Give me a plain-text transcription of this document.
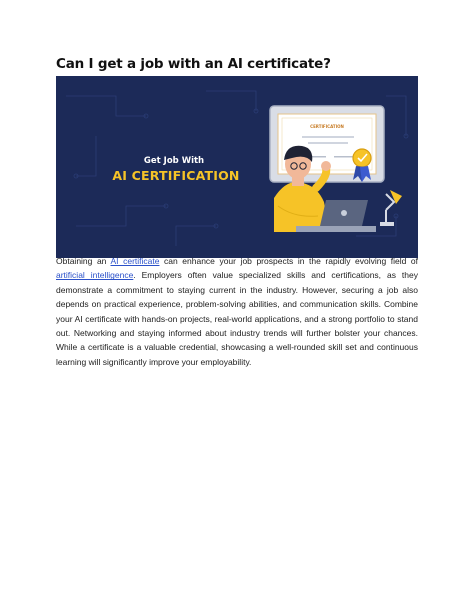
Can I get a job with an AI certificate?
CERTIFICATION
Get Job With
AI CERTIFICATION

Obtaining an AI certificate can enhance your job prospects in the rapidly evolving field of artificial intelligence. Employers often value specialized skills and certifications, as they demonstrate a commitment to staying current in the industry. However, securing a job also depends on practical experience, problem-solving abilities, and communication skills. Combine your AI certificate with hands-on projects, real-world applications, and a strong portfolio to stand out. Networking and staying informed about industry trends will further bolster your chances. While a certificate is a valuable credential, showcasing a well-rounded skill set and continuous learning will significantly improve your employability.
